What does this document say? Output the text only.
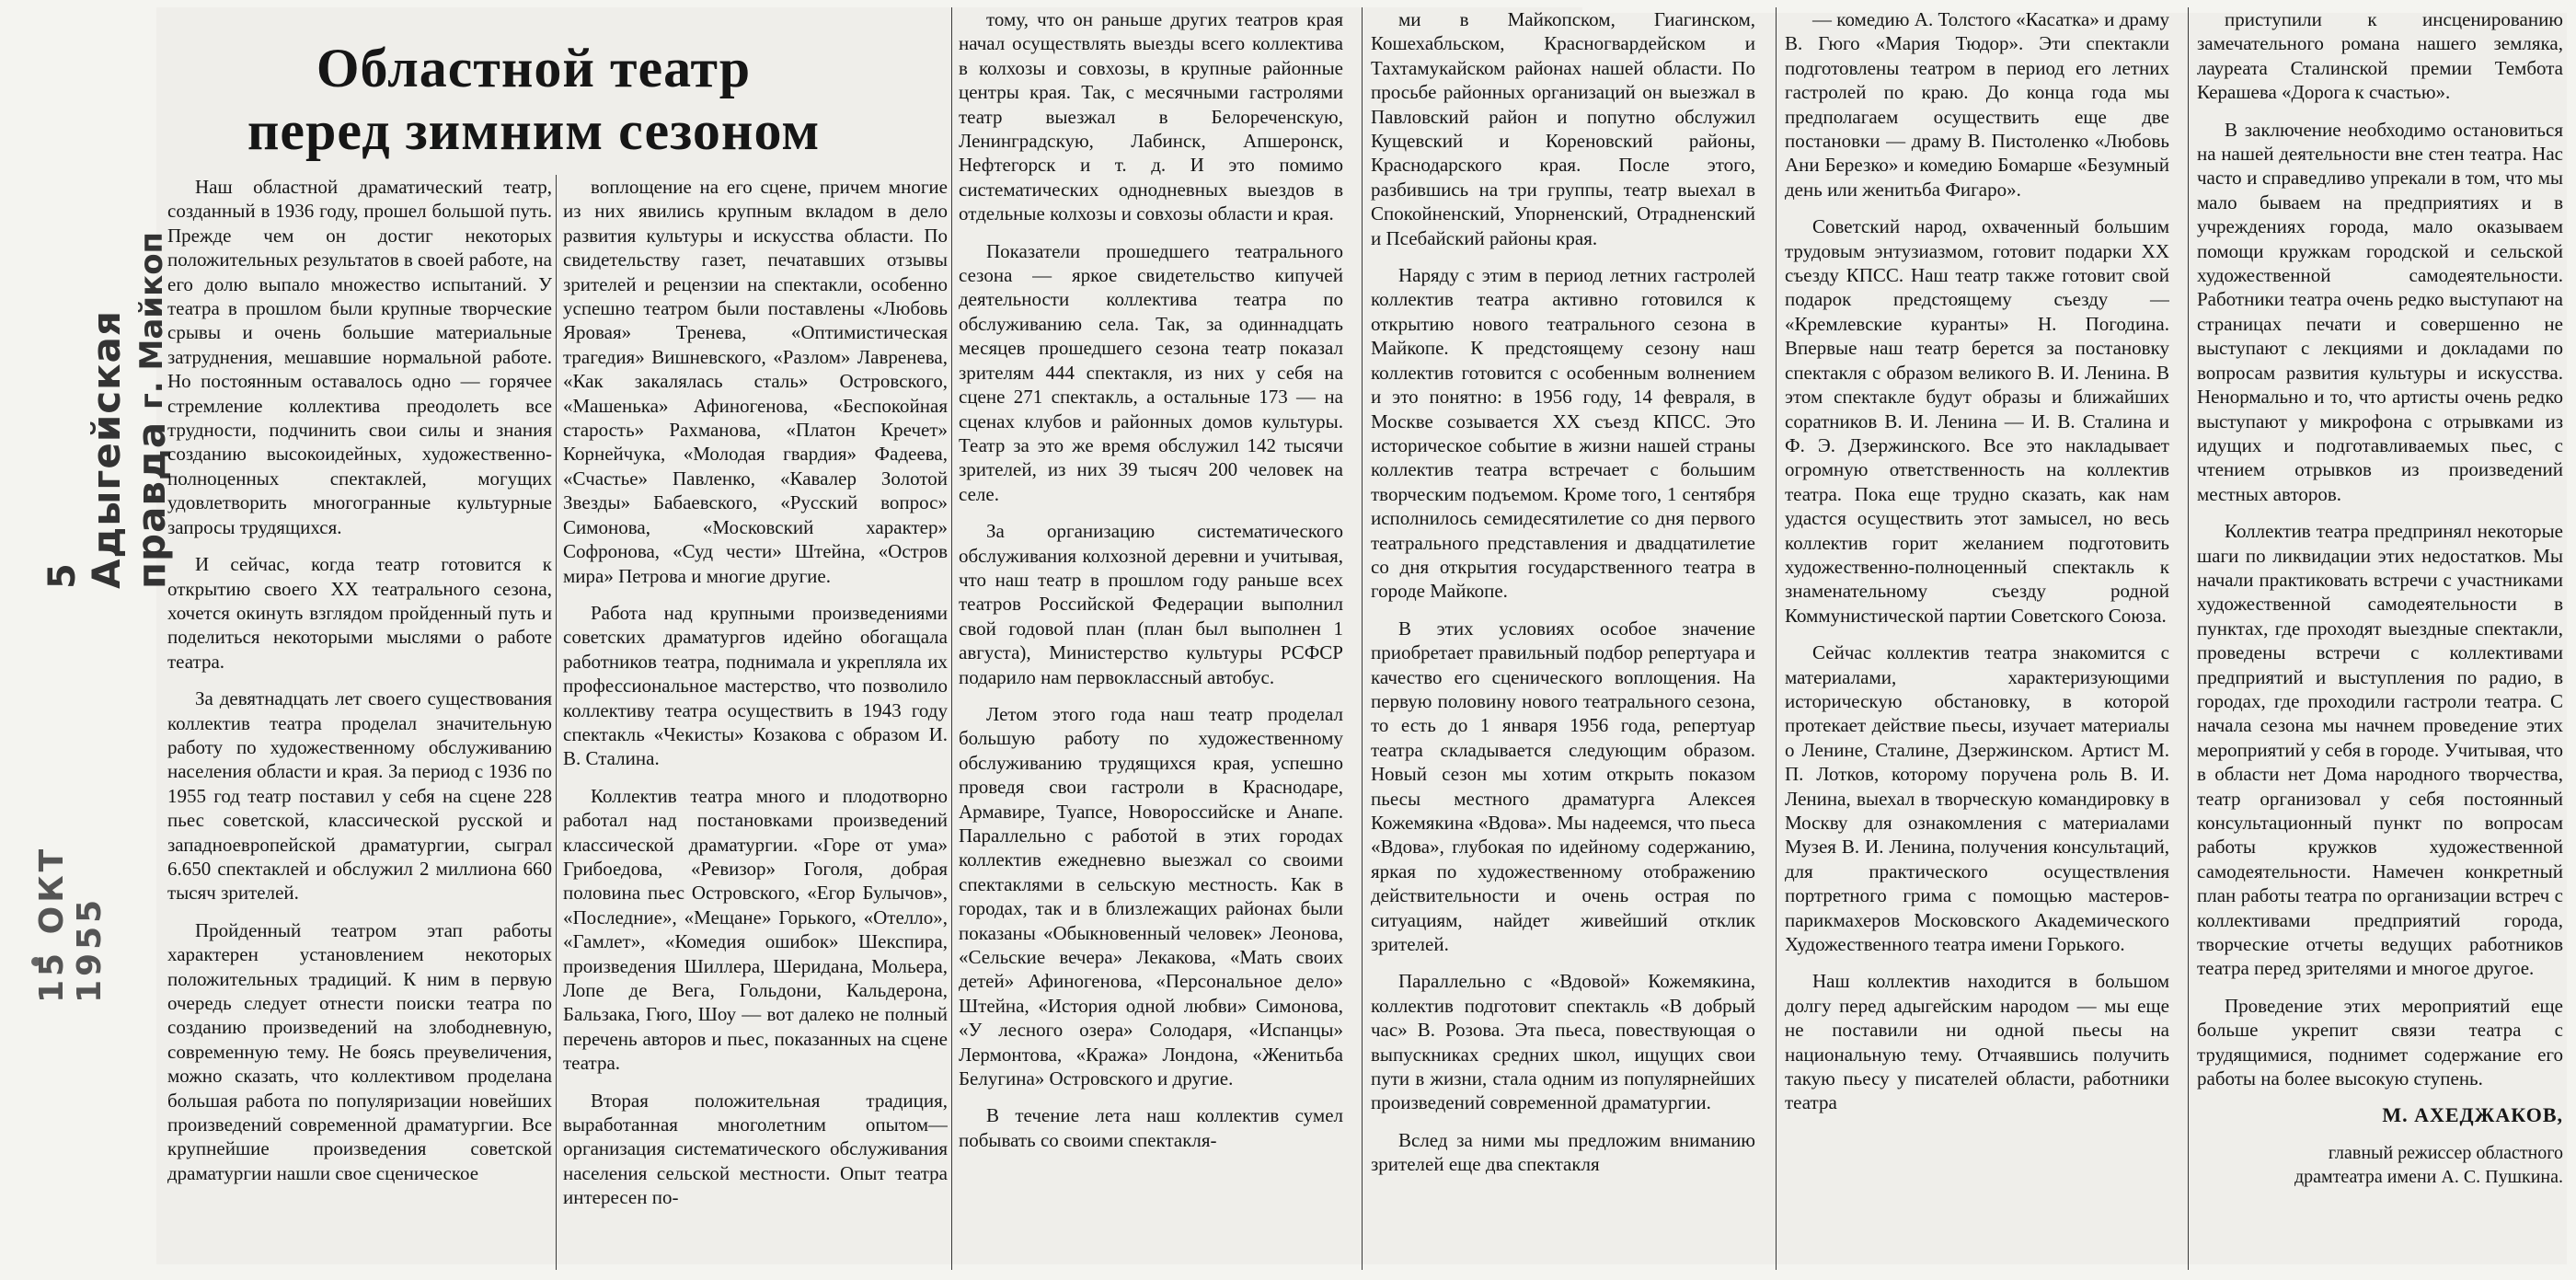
5 Адыгейская правда г. Майкоп
15 ОКТ 1955
Областной театр
перед зимним сезоном

Наш областной драматический театр, созданный в 1936 году, прошел большой путь. Прежде чем он достиг некоторых положительных результатов в своей работе, на его долю выпало множество испытаний. У театра в прошлом были крупные творческие срывы и очень большие материальные затруднения, мешавшие нормальной работе. Но постоянным оставалось одно — горячее стремление коллектива преодолеть все трудности, подчинить свои силы и знания созданию высокоидейных, художественно-полноценных спектаклей, могущих удовлетворить многогранные культурные запросы трудящихся.

И сейчас, когда театр готовится к открытию своего XX театрального сезона, хочется окинуть взглядом пройденный путь и поделиться некоторыми мыслями о работе театра.

За девятнадцать лет своего существования коллектив театра проделал значительную работу по художественному обслуживанию населения области и края. За период с 1936 по 1955 год театр поставил у себя на сцене 228 пьес советской, классической русской и западноевропейской драматургии, сыграл 6.650 спектаклей и обслужил 2 миллиона 660 тысяч зрителей.

Пройденный театром этап работы характерен установлением некоторых положительных традиций. К ним в первую очередь следует отнести поиски театра по созданию произведений на злободневную, современную тему. Не боясь преувеличения, можно сказать, что коллективом проделана большая работа по популяризации новейших произведений современной драматургии. Все крупнейшие произведения советской драматургии нашли свое сценическое

воплощение на его сцене, причем многие из них явились крупным вкладом в дело развития культуры и искусства области. По свидетельству газет, печатавших отзывы зрителей и рецензии на спектакли, особенно успешно театром были поставлены «Любовь Яровая» Тренева, «Оптимистическая трагедия» Вишневского, «Разлом» Лавренева, «Как закалялась сталь» Островского, «Машенька» Афиногенова, «Беспокойная старость» Рахманова, «Платон Кречет» Корнейчука, «Молодая гвардия» Фадеева, «Счастье» Павленко, «Кавалер Золотой Звезды» Бабаевского, «Русский вопрос» Симонова, «Московский характер» Софронова, «Суд чести» Штейна, «Остров мира» Петрова и многие другие.

Работа над крупными произведениями советских драматургов идейно обогащала работников театра, поднимала и укрепляла их профессиональное мастерство, что позволило коллективу театра осуществить в 1943 году спектакль «Чекисты» Козакова с образом И. В. Сталина.

Коллектив театра много и плодотворно работал над постановками произведений классической драматургии. «Горе от ума» Грибоедова, «Ревизор» Гоголя, добрая половина пьес Островского, «Егор Булычов», «Последние», «Мещане» Горького, «Отелло», «Гамлет», «Комедия ошибок» Шекспира, произведения Шиллера, Шеридана, Мольера, Лопе де Вега, Гольдони, Кальдерона, Бальзака, Гюго, Шоу — вот далеко не полный перечень авторов и пьес, показанных на сцене театра.

Вторая положительная традиция, выработанная многолетним опытом— организация систематического обслуживания населения сельской местности. Опыт театра интересен по-

тому, что он раньше других театров края начал осуществлять выезды всего коллектива в колхозы и совхозы, в крупные районные центры края. Так, с месячными гастролями театр выезжал в Белореченскую, Ленинградскую, Лабинск, Апшеронск, Нефтегорск и т. д. И это помимо систематических однодневных выездов в отдельные колхозы и совхозы области и края.

Показатели прошедшего театрального сезона — яркое свидетельство кипучей деятельности коллектива театра по обслуживанию села. Так, за одиннадцать месяцев прошедшего сезона театр показал зрителям 444 спектакля, из них у себя на сцене 271 спектакль, а остальные 173 — на сценах клубов и районных домов культуры. Театр за это же время обслужил 142 тысячи зрителей, из них 39 тысяч 200 человек на селе.

За организацию систематического обслуживания колхозной деревни и учитывая, что наш театр в прошлом году раньше всех театров Российской Федерации выполнил свой годовой план (план был выполнен 1 августа), Министерство культуры РСФСР подарило нам первоклассный автобус.

Летом этого года наш театр проделал большую работу по художественному обслуживанию трудящихся края, успешно проведя свои гастроли в Краснодаре, Армавире, Туапсе, Новороссийске и Анапе. Параллельно с работой в этих городах коллектив ежедневно выезжал со своими спектаклями в сельскую местность. Как в городах, так и в близлежащих районах были показаны «Обыкновенный человек» Леонова, «Сельские вечера» Лекакова, «Мать своих детей» Афиногенова, «Персональное дело» Штейна, «История одной любви» Симонова, «У лесного озера» Солодаря, «Испанцы» Лермонтова, «Кража» Лондона, «Женитьба Белугина» Островского и другие.

В течение лета наш коллектив сумел побывать со своими спектакля-

ми в Майкопском, Гиагинском, Кошехабльском, Красногвардейском и Тахтамукайском районах нашей области. По просьбе районных организаций он выезжал в Павловский район и попутно обслужил Кущевский и Кореновский районы, Краснодарского края. После этого, разбившись на три группы, театр выехал в Спокойненский, Упорненский, Отрадненский и Псебайский районы края.

Наряду с этим в период летних гастролей коллектив театра активно готовился к открытию нового театрального сезона в Майкопе. К предстоящему сезону наш коллектив готовится с особенным волнением и это понятно: в 1956 году, 14 февраля, в Москве созывается XX съезд КПСС. Это историческое событие в жизни нашей страны коллектив театра встречает с большим творческим подъемом. Кроме того, 1 сентября исполнилось семидесятилетие со дня первого театрального представления и двадцатилетие со дня открытия государственного театра в городе Майкопе.

В этих условиях особое значение приобретает правильный подбор репертуара и качество его сценического воплощения. На первую половину нового театрального сезона, то есть до 1 января 1956 года, репертуар театра складывается следующим образом. Новый сезон мы хотим открыть показом пьесы местного драматурга Алексея Кожемякина «Вдова». Мы надеемся, что пьеса «Вдова», глубокая по идейному содержанию, яркая по художественному отображению действительности и очень острая по ситуациям, найдет живейший отклик зрителей.

Параллельно с «Вдовой» Кожемякина, коллектив подготовит спектакль «В добрый час» В. Розова. Эта пьеса, повествующая о выпускниках средних школ, ищущих свои пути в жизни, стала одним из популярнейших произведений современной драматургии.

Вслед за ними мы предложим вниманию зрителей еще два спектакля

— комедию А. Толстого «Касатка» и драму В. Гюго «Мария Тюдор». Эти спектакли подготовлены театром в период его летних гастролей по краю. До конца года мы предполагаем осуществить еще две постановки — драму В. Пистоленко «Любовь Ани Березко» и комедию Бомарше «Безумный день или женитьба Фигаро».

Советский народ, охваченный большим трудовым энтузиазмом, готовит подарки XX съезду КПСС. Наш театр также готовит свой подарок предстоящему съезду — «Кремлевские куранты» Н. Погодина. Впервые наш театр берется за постановку спектакля с образом великого В. И. Ленина. В этом спектакле будут образы и ближайших соратников В. И. Ленина — И. В. Сталина и Ф. Э. Дзержинского. Все это накладывает огромную ответственность на коллектив театра. Пока еще трудно сказать, как нам удастся осуществить этот замысел, но весь коллектив горит желанием подготовить художественно-полноценный спектакль к знаменательному съезду родной Коммунистической партии Советского Союза.

Сейчас коллектив театра знакомится с материалами, характеризующими историческую обстановку, в которой протекает действие пьесы, изучает материалы о Ленине, Сталине, Дзержинском. Артист М. П. Лотков, которому поручена роль В. И. Ленина, выехал в творческую командировку в Москву для ознакомления с материалами Музея В. И. Ленина, получения консультаций, для практического осуществления портретного грима с помощью мастеров-парикмахеров Московского Академического Художественного театра имени Горького.

Наш коллектив находится в большом долгу перед адыгейским народом — мы еще не поставили ни одной пьесы на национальную тему. Отчаявшись получить такую пьесу у писателей области, работники театра

приступили к инсценированию замечательного романа нашего земляка, лауреата Сталинской премии Тембота Керашева «Дорога к счастью».

В заключение необходимо остановиться на нашей деятельности вне стен театра. Нас часто и справедливо упрекали в том, что мы мало бываем на предприятиях и в учреждениях города, мало оказываем помощи кружкам городской и сельской художественной самодеятельности. Работники театра очень редко выступают на страницах печати и совершенно не выступают с лекциями и докладами по вопросам развития культуры и искусства. Ненормально и то, что артисты очень редко выступают у микрофона с отрывками из идущих и подготавливаемых пьес, с чтением отрывков из произведений местных авторов.

Коллектив театра предпринял некоторые шаги по ликвидации этих недостатков. Мы начали практиковать встречи с участниками художественной самодеятельности в пунктах, где проходят выездные спектакли, проведены встречи с коллективами предприятий и выступления по радио, в городах, где проходили гастроли театра. С начала сезона мы начнем проведение этих мероприятий у себя в городе. Учитывая, что в области нет Дома народного творчества, театр организовал у себя постоянный консультационный пункт по вопросам работы кружков художественной самодеятельности. Намечен конкретный план работы театра по организации встреч с коллективами предприятий города, творческие отчеты ведущих работников театра перед зрителями и многое другое.

Проведение этих мероприятий еще больше укрепит связи театра с трудящимися, поднимет содержание его работы на более высокую ступень.

М. АХЕДЖАКОВ,

главный режиссер областного

драмтеатра имени А. С. Пушкина.
